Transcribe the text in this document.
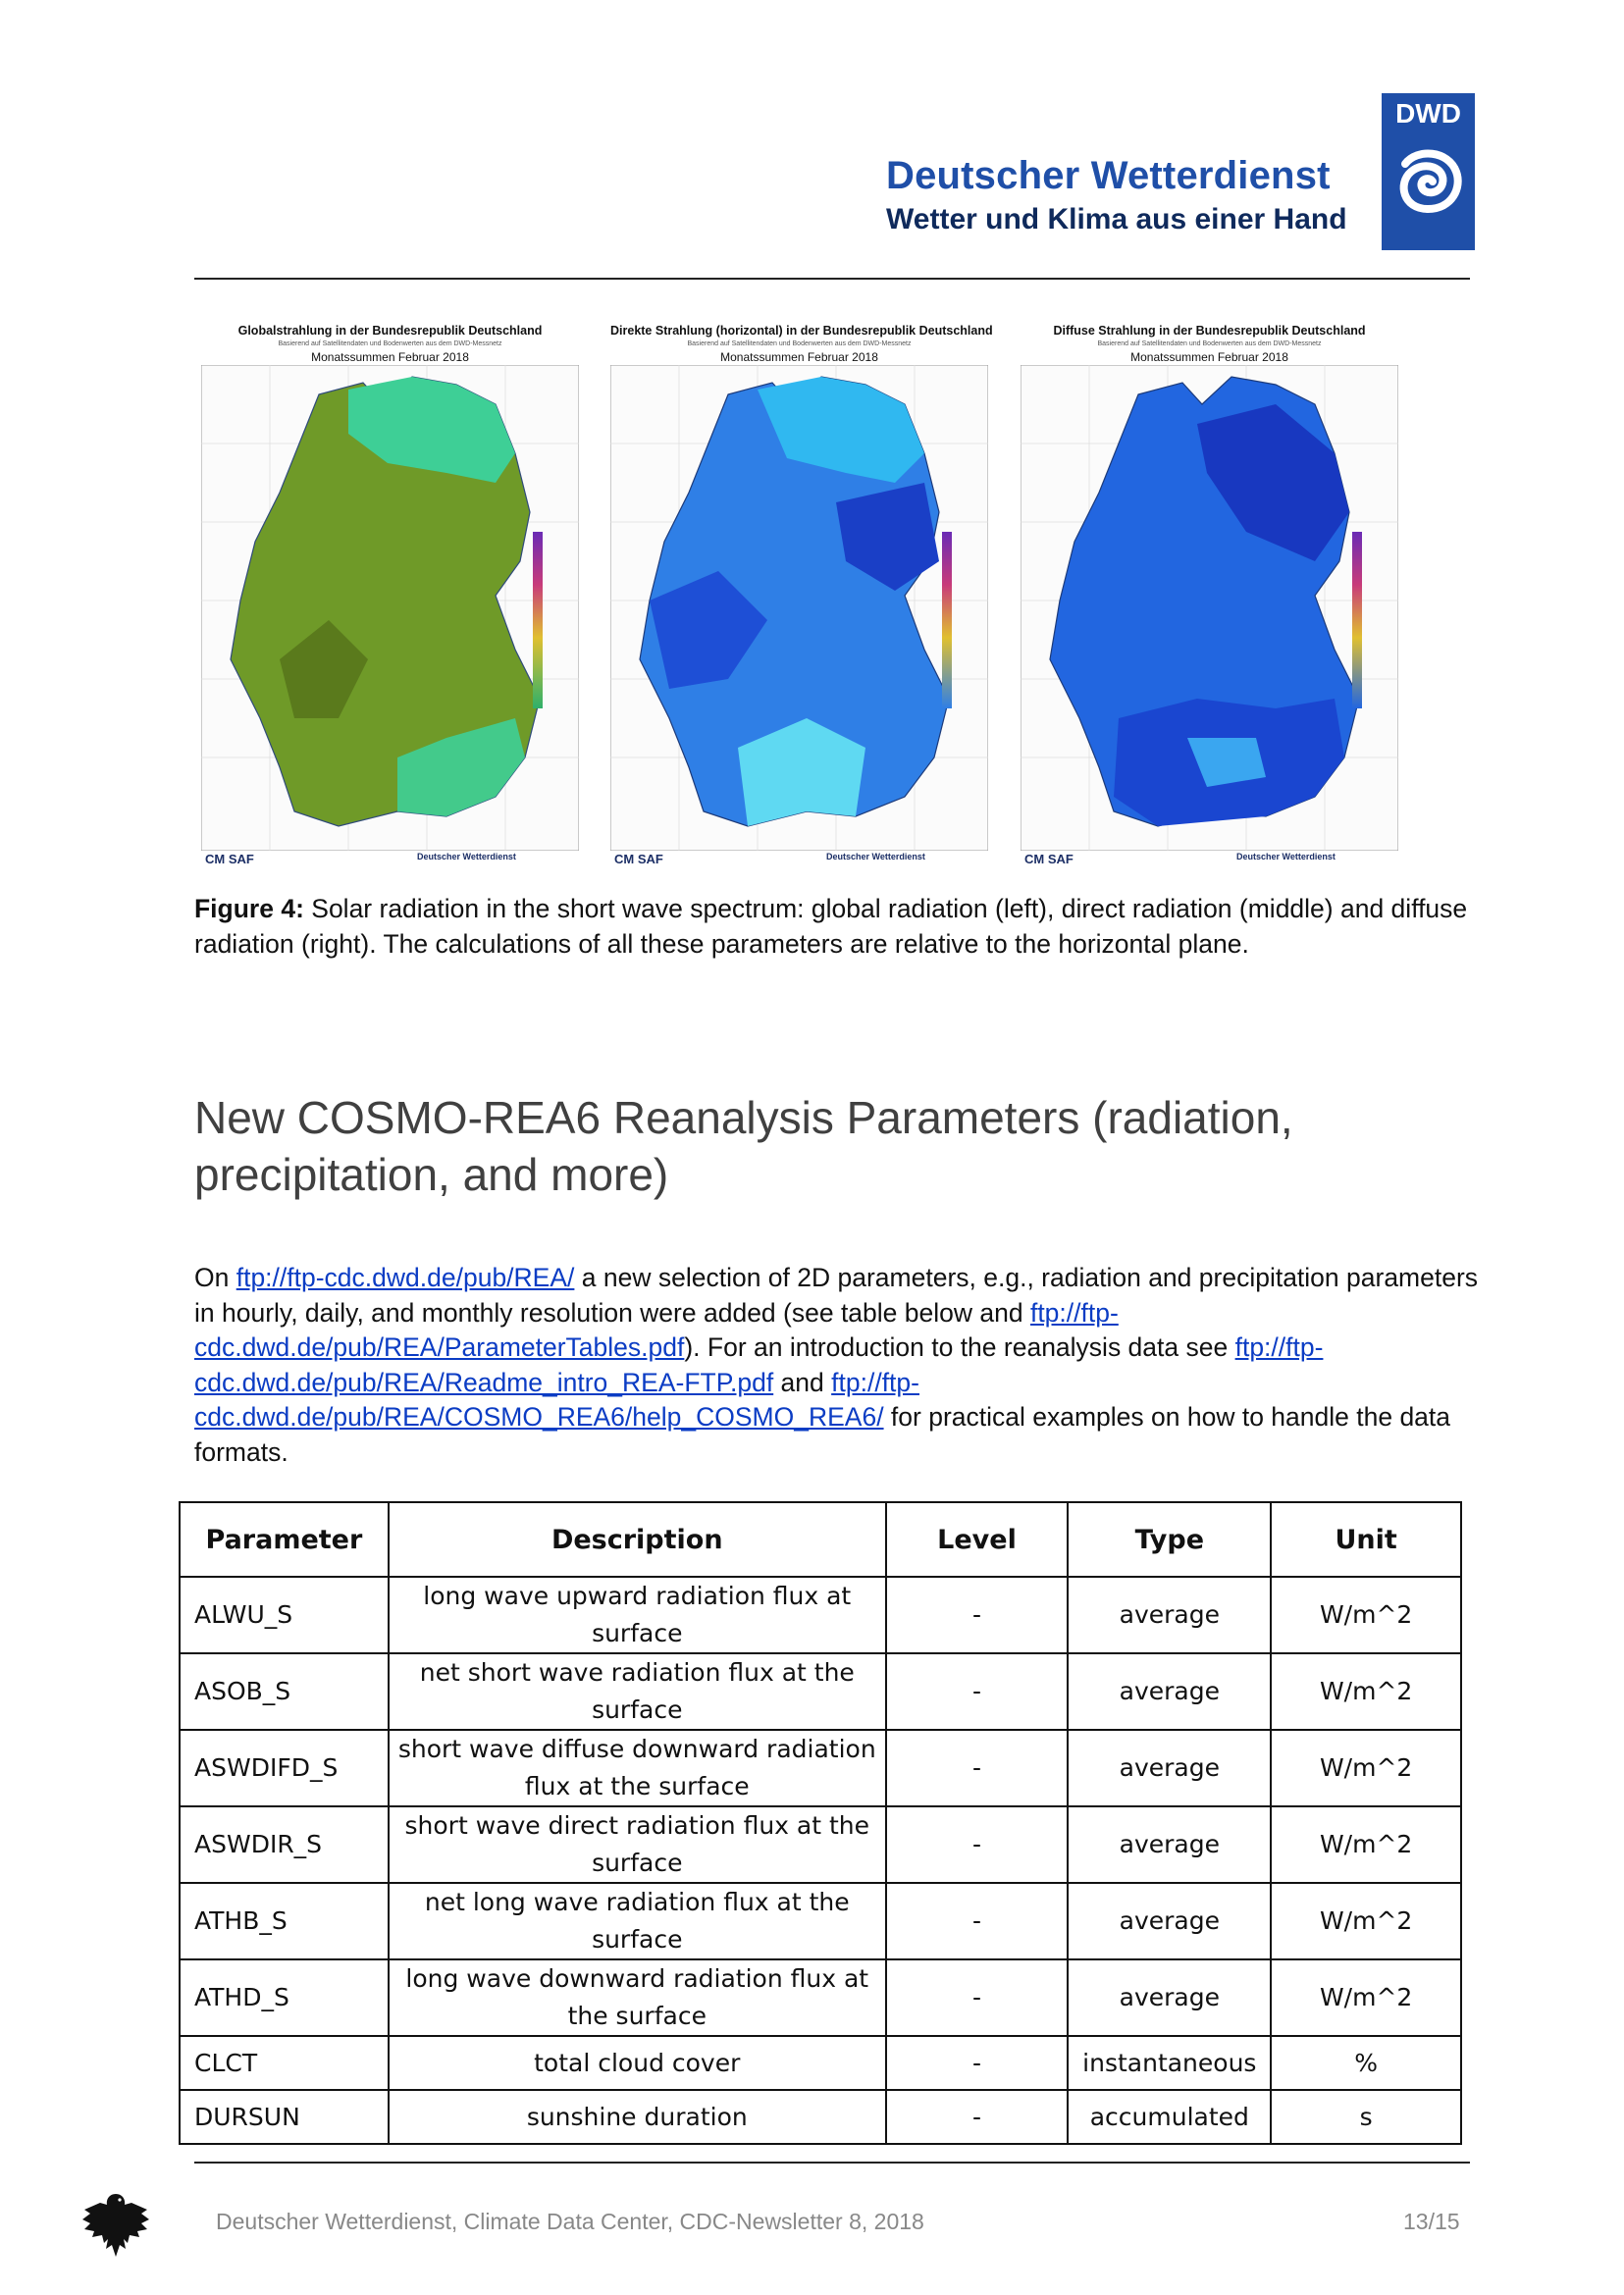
Deutscher Wetterdienst
Wetter und Klima aus einer Hand
DWD
Globalstrahlung in der Bundesrepublik Deutschland
Basierend auf Satellitendaten und Bodenwerten aus dem DWD-Messnetz
Monatssummen Februar 2018
CM SAF	Deutscher Wetterdienst
Direkte Strahlung (horizontal) in der Bundesrepublik Deutschland
Basierend auf Satellitendaten und Bodenwerten aus dem DWD-Messnetz
Monatssummen Februar 2018
CM SAF	Deutscher Wetterdienst
Diffuse Strahlung in der Bundesrepublik Deutschland
Basierend auf Satellitendaten und Bodenwerten aus dem DWD-Messnetz
Monatssummen Februar 2018
CM SAF	Deutscher Wetterdienst
Figure 4: Solar radiation in the short wave spectrum: global radiation (left), direct radiation (middle) and diffuse radiation (right). The calculations of all these parameters are relative to the horizontal plane.
New COSMO-REA6 Reanalysis Parameters (radiation, precipitation, and more)
On ftp://ftp-cdc.dwd.de/pub/REA/ a new selection of 2D parameters, e.g., radiation and precipitation parameters in hourly, daily, and monthly resolution were added (see table below and ftp://ftp-cdc.dwd.de/pub/REA/ParameterTables.pdf). For an introduction to the reanalysis data see ftp://ftp-cdc.dwd.de/pub/REA/Readme_intro_REA-FTP.pdf and ftp://ftp-cdc.dwd.de/pub/REA/COSMO_REA6/help_COSMO_REA6/ for practical examples on how to handle the data formats.
Parameter	Description	Level	Type	Unit
ALWU_S	long wave upward radiation flux at surface	-	average	W/m^2
ASOB_S	net short wave radiation flux at the surface	-	average	W/m^2
ASWDIFD_S	short wave diffuse downward radiation flux at the surface	-	average	W/m^2
ASWDIR_S	short wave direct radiation flux at the surface	-	average	W/m^2
ATHB_S	net long wave radiation flux at the surface	-	average	W/m^2
ATHD_S	long wave downward radiation flux at the surface	-	average	W/m^2
CLCT	total cloud cover	-	instantaneous	%
DURSUN	sunshine duration	-	accumulated	s
Deutscher Wetterdienst, Climate Data Center, CDC-Newsletter 8, 2018	13/15
